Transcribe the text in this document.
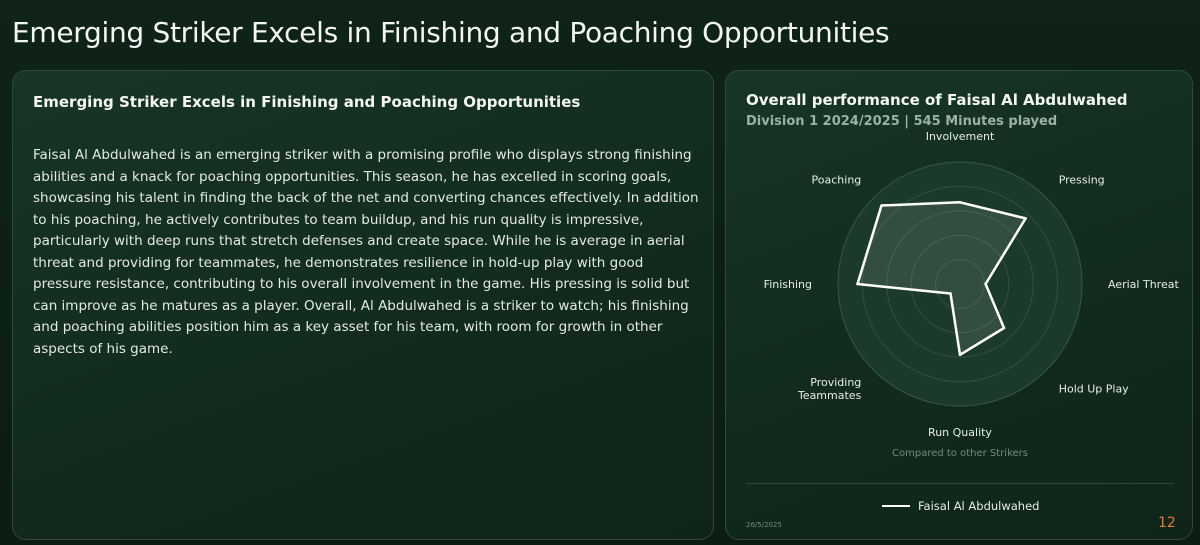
Emerging Striker Excels in Finishing and Poaching Opportunities
Emerging Striker Excels in Finishing and Poaching Opportunities
Faisal Al Abdulwahed is an emerging striker with a promising profile who displays strong finishing abilities and a knack for poaching opportunities. This season, he has excelled in scoring goals, showcasing his talent in finding the back of the net and converting chances effectively. In addition to his poaching, he actively contributes to team buildup, and his run quality is impressive, particularly with deep runs that stretch defenses and create space. While he is average in aerial threat and providing for teammates, he demonstrates resilience in hold-up play with good pressure resistance, contributing to his overall involvement in the game. His pressing is solid but can improve as he matures as a player. Overall, Al Abdulwahed is a striker to watch; his finishing and poaching abilities position him as a key asset for his team, with room for growth in other aspects of his game.
Overall performance of Faisal Al Abdulwahed
Division 1 2024/2025 | 545 Minutes played
Involvement
Pressing
Aerial Threat
Hold Up Play
Run Quality
Providing Teammates
Finishing
Poaching
Compared to other Strikers
Faisal Al Abdulwahed
26/5/2025	12
